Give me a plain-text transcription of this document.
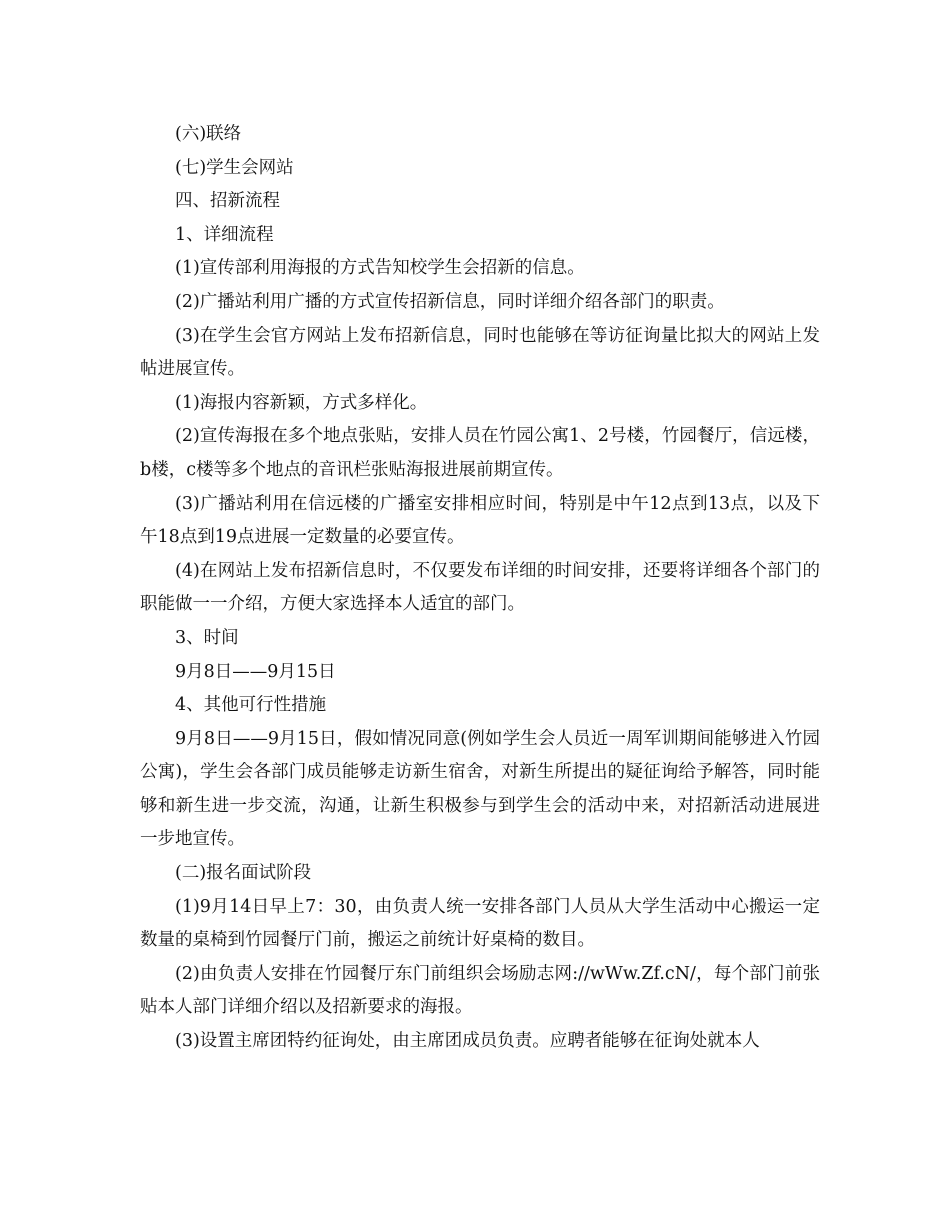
(六)联络

(七)学生会网站

四、招新流程

1、详细流程

(1)宣传部利用海报的方式告知校学生会招新的信息。

(2)广播站利用广播的方式宣传招新信息，同时详细介绍各部门的职责。

(3)在学生会官方网站上发布招新信息，同时也能够在等访征询量比拟大的网站上发帖进展宣传。

(1)海报内容新颖，方式多样化。

(2)宣传海报在多个地点张贴，安排人员在竹园公寓1、2号楼，竹园餐厅，信远楼，b楼，c楼等多个地点的音讯栏张贴海报进展前期宣传。

(3)广播站利用在信远楼的广播室安排相应时间，特别是中午12点到13点，以及下午18点到19点进展一定数量的必要宣传。

(4)在网站上发布招新信息时，不仅要发布详细的时间安排，还要将详细各个部门的职能做一一介绍，方便大家选择本人适宜的部门。

3、时间

9月8日——9月15日

4、其他可行性措施

9月8日——9月15日，假如情况同意(例如学生会人员近一周军训期间能够进入竹园公寓)，学生会各部门成员能够走访新生宿舍，对新生所提出的疑征询给予解答，同时能够和新生进一步交流，沟通，让新生积极参与到学生会的活动中来，对招新活动进展进一步地宣传。

(二)报名面试阶段

(1)9月14日早上7：30，由负责人统一安排各部门人员从大学生活动中心搬运一定数量的桌椅到竹园餐厅门前，搬运之前统计好桌椅的数目。

(2)由负责人安排在竹园餐厅东门前组织会场励志网://wWw.Zf.cN/，每个部门前张贴本人部门详细介绍以及招新要求的海报。

(3)设置主席团特约征询处，由主席团成员负责。应聘者能够在征询处就本人
